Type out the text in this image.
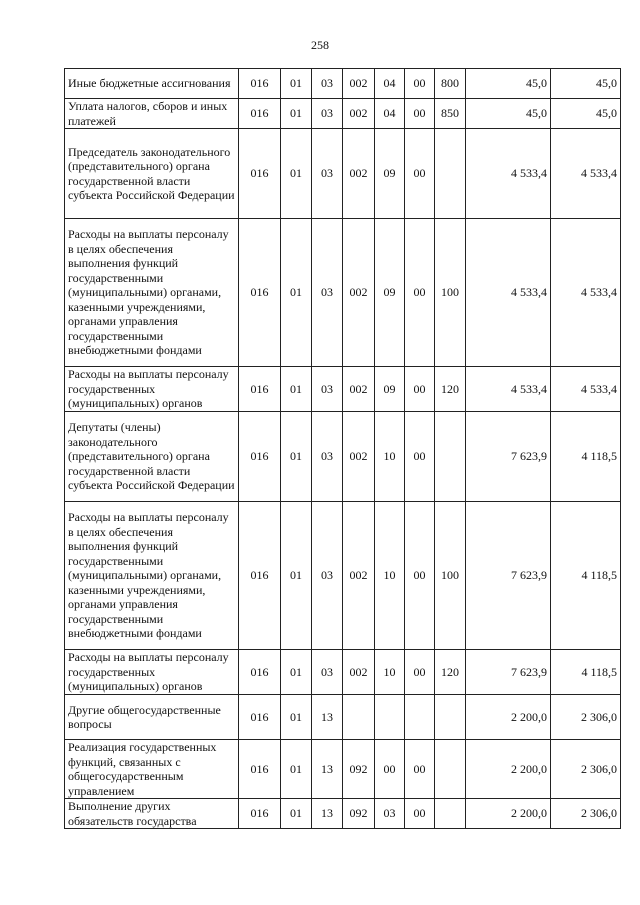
258
Иные бюджетные ассигнования	016	01	03	002	04	00	800	45,0	45,0
Уплата налогов, сборов и иных платежей	016	01	03	002	04	00	850	45,0	45,0
Председатель законодательного (представительного) органа государственной власти субъекта Российской Федерации	016	01	03	002	09	00		4 533,4	4 533,4
Расходы на выплаты персоналу в целях обеспечения выполнения функций государственными (муниципальными) органами, казенными учреждениями, органами управления государственными внебюджетными фондами	016	01	03	002	09	00	100	4 533,4	4 533,4
Расходы на выплаты персоналу государственных (муниципальных) органов	016	01	03	002	09	00	120	4 533,4	4 533,4
Депутаты (члены) законодательного (представительного) органа государственной власти субъекта Российской Федерации	016	01	03	002	10	00		7 623,9	4 118,5
Расходы на выплаты персоналу в целях обеспечения выполнения функций государственными (муниципальными) органами, казенными учреждениями, органами управления государственными внебюджетными фондами	016	01	03	002	10	00	100	7 623,9	4 118,5
Расходы на выплаты персоналу государственных (муниципальных) органов	016	01	03	002	10	00	120	7 623,9	4 118,5
Другие общегосударственные вопросы	016	01	13					2 200,0	2 306,0
Реализация государственных функций, связанных с общегосударственным управлением	016	01	13	092	00	00		2 200,0	2 306,0
Выполнение других обязательств государства	016	01	13	092	03	00		2 200,0	2 306,0
